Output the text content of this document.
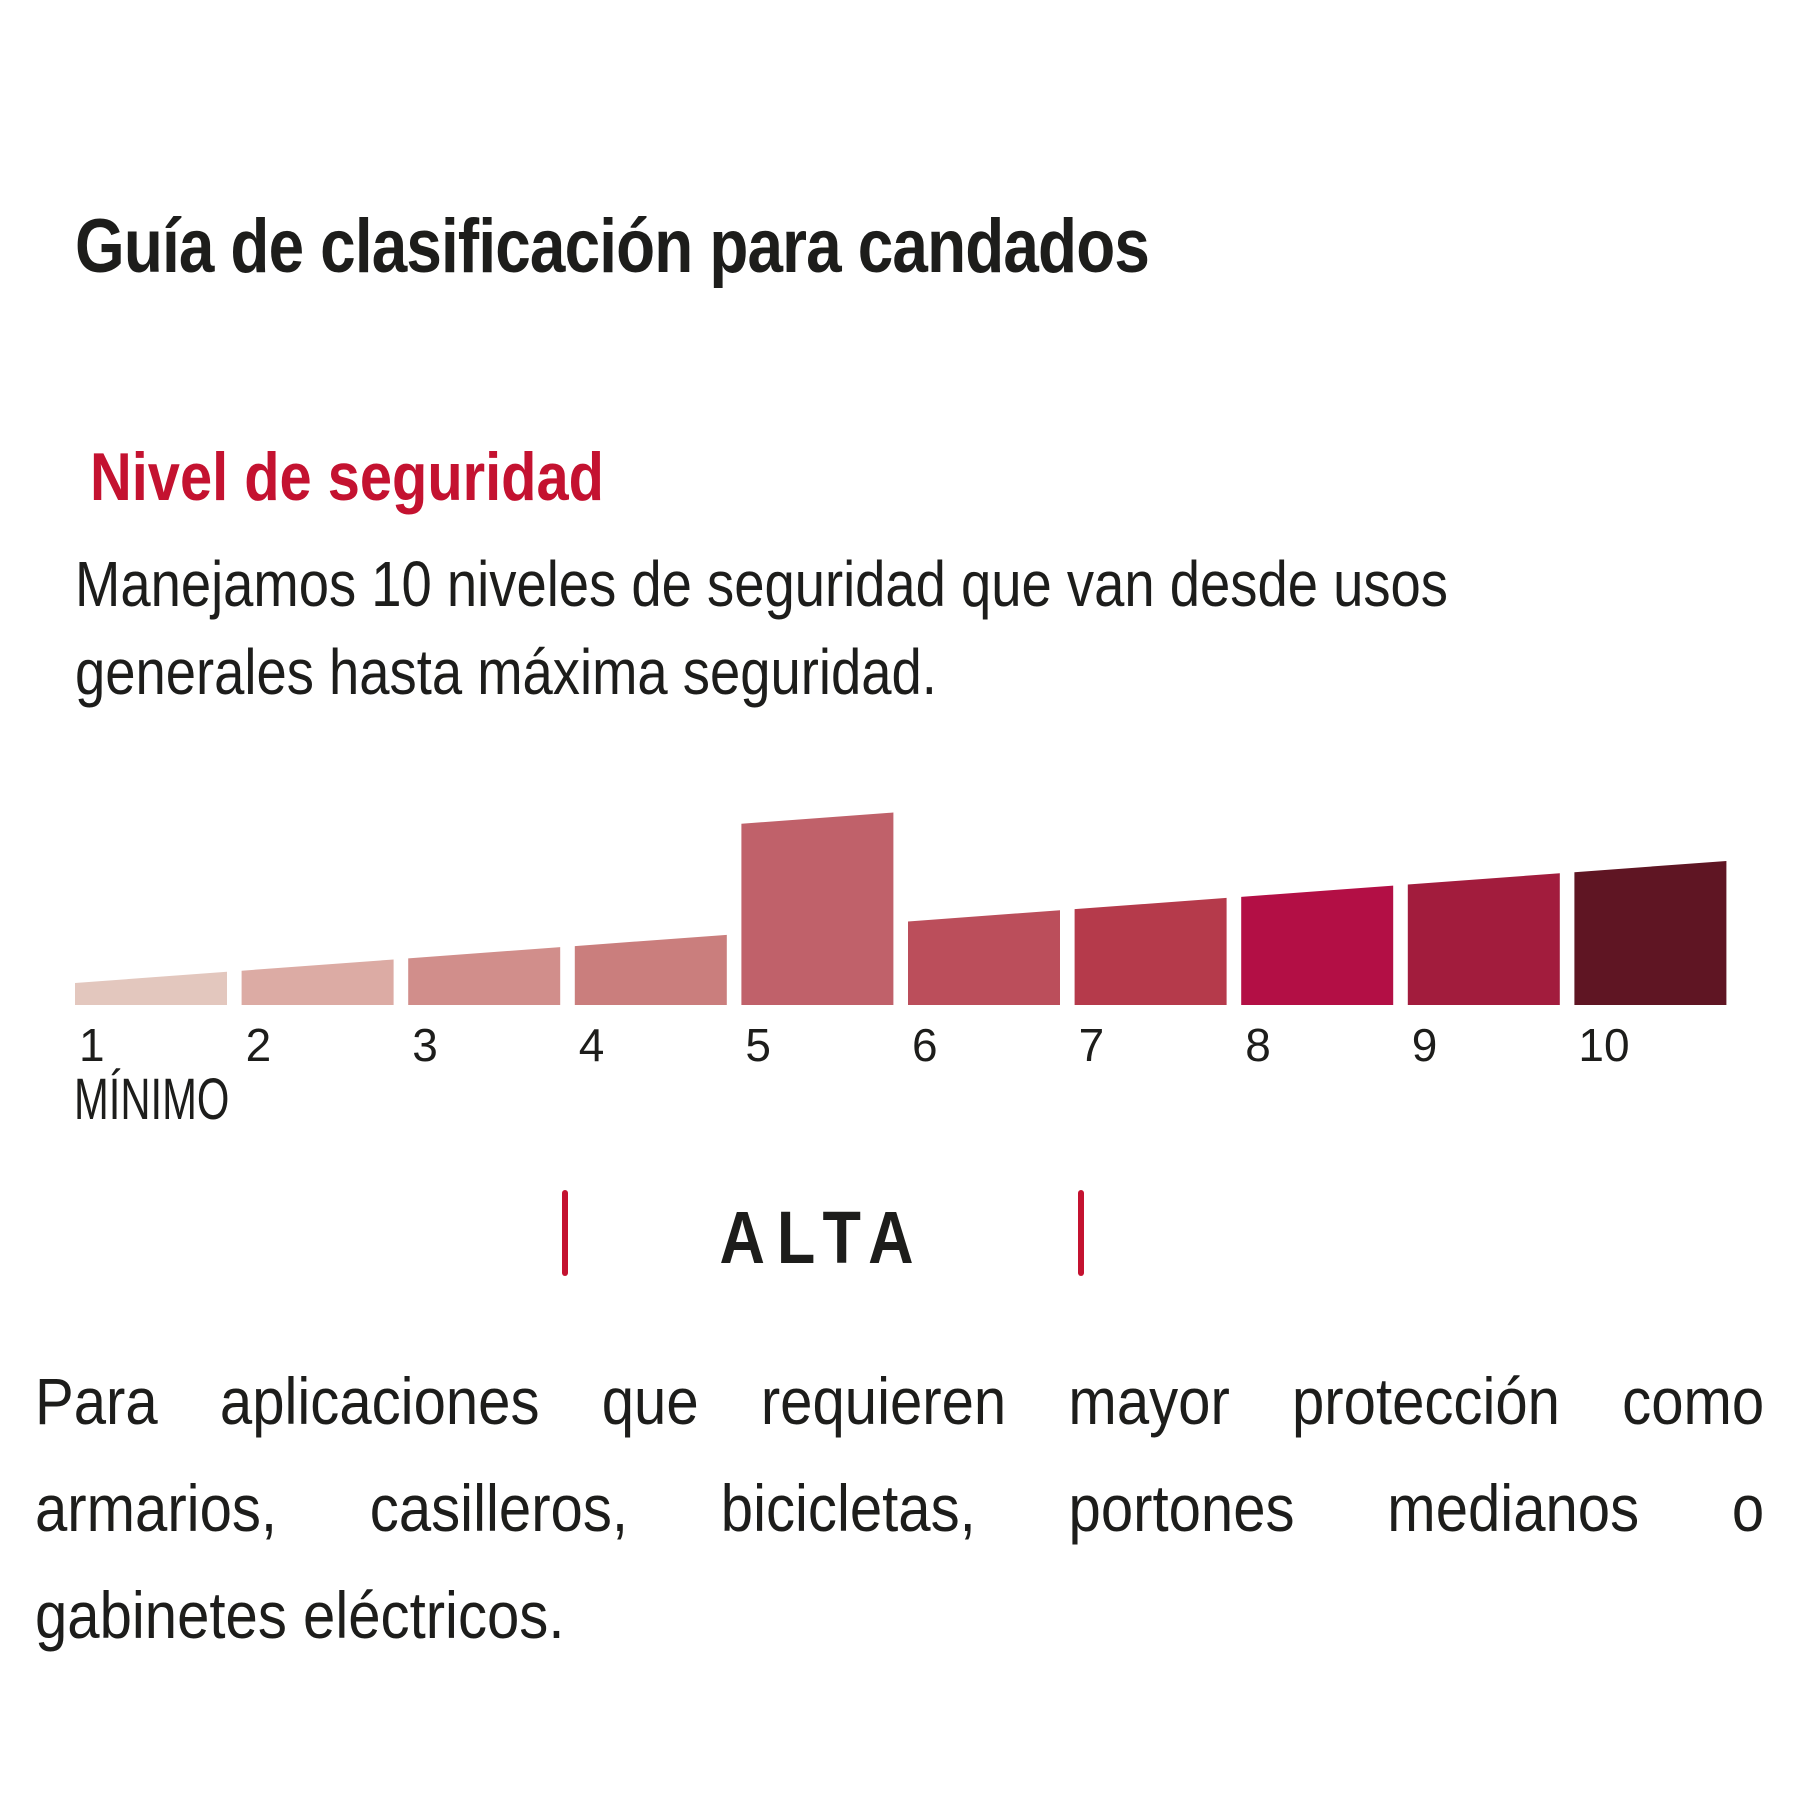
Guía de clasificación para candados
Nivel de seguridad
Manejamos 10 niveles de seguridad que van desde usos
generales hasta máxima seguridad.
1	2	3	4	5	6	7	8	9	10
MÍNIMO
ALTA
Para aplicaciones que requieren mayor protección como
armarios, casilleros, bicicletas, portones medianos o
gabinetes eléctricos.
